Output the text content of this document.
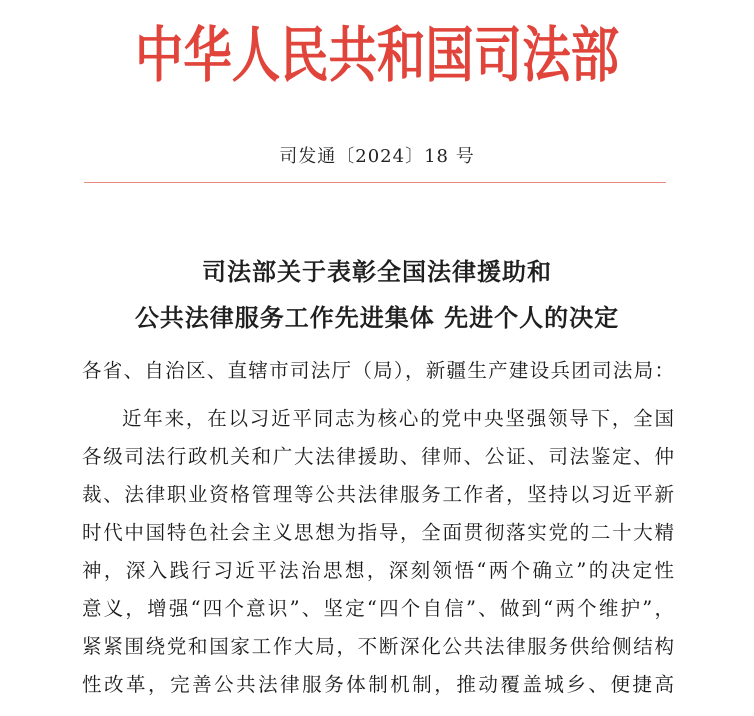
中华人民共和国司法部
司发通〔2024〕18 号
司法部关于表彰全国法律援助和
公共法律服务工作先进集体 先进个人的决定
各省、自治区、直辖市司法厅（局），新疆生产建设兵团司法局：
近年来，在以习近平同志为核心的党中央坚强领导下，全国
各级司法行政机关和广大法律援助、律师、公证、司法鉴定、仲
裁、法律职业资格管理等公共法律服务工作者，坚持以习近平新
时代中国特色社会主义思想为指导，全面贯彻落实党的二十大精
神，深入践行习近平法治思想，深刻领悟“两个确立”的决定性
意义，增强“四个意识”、坚定“四个自信”、做到“两个维护”，
紧紧围绕党和国家工作大局，不断深化公共法律服务供给侧结构
性改革，完善公共法律服务体制机制，推动覆盖城乡、便捷高
